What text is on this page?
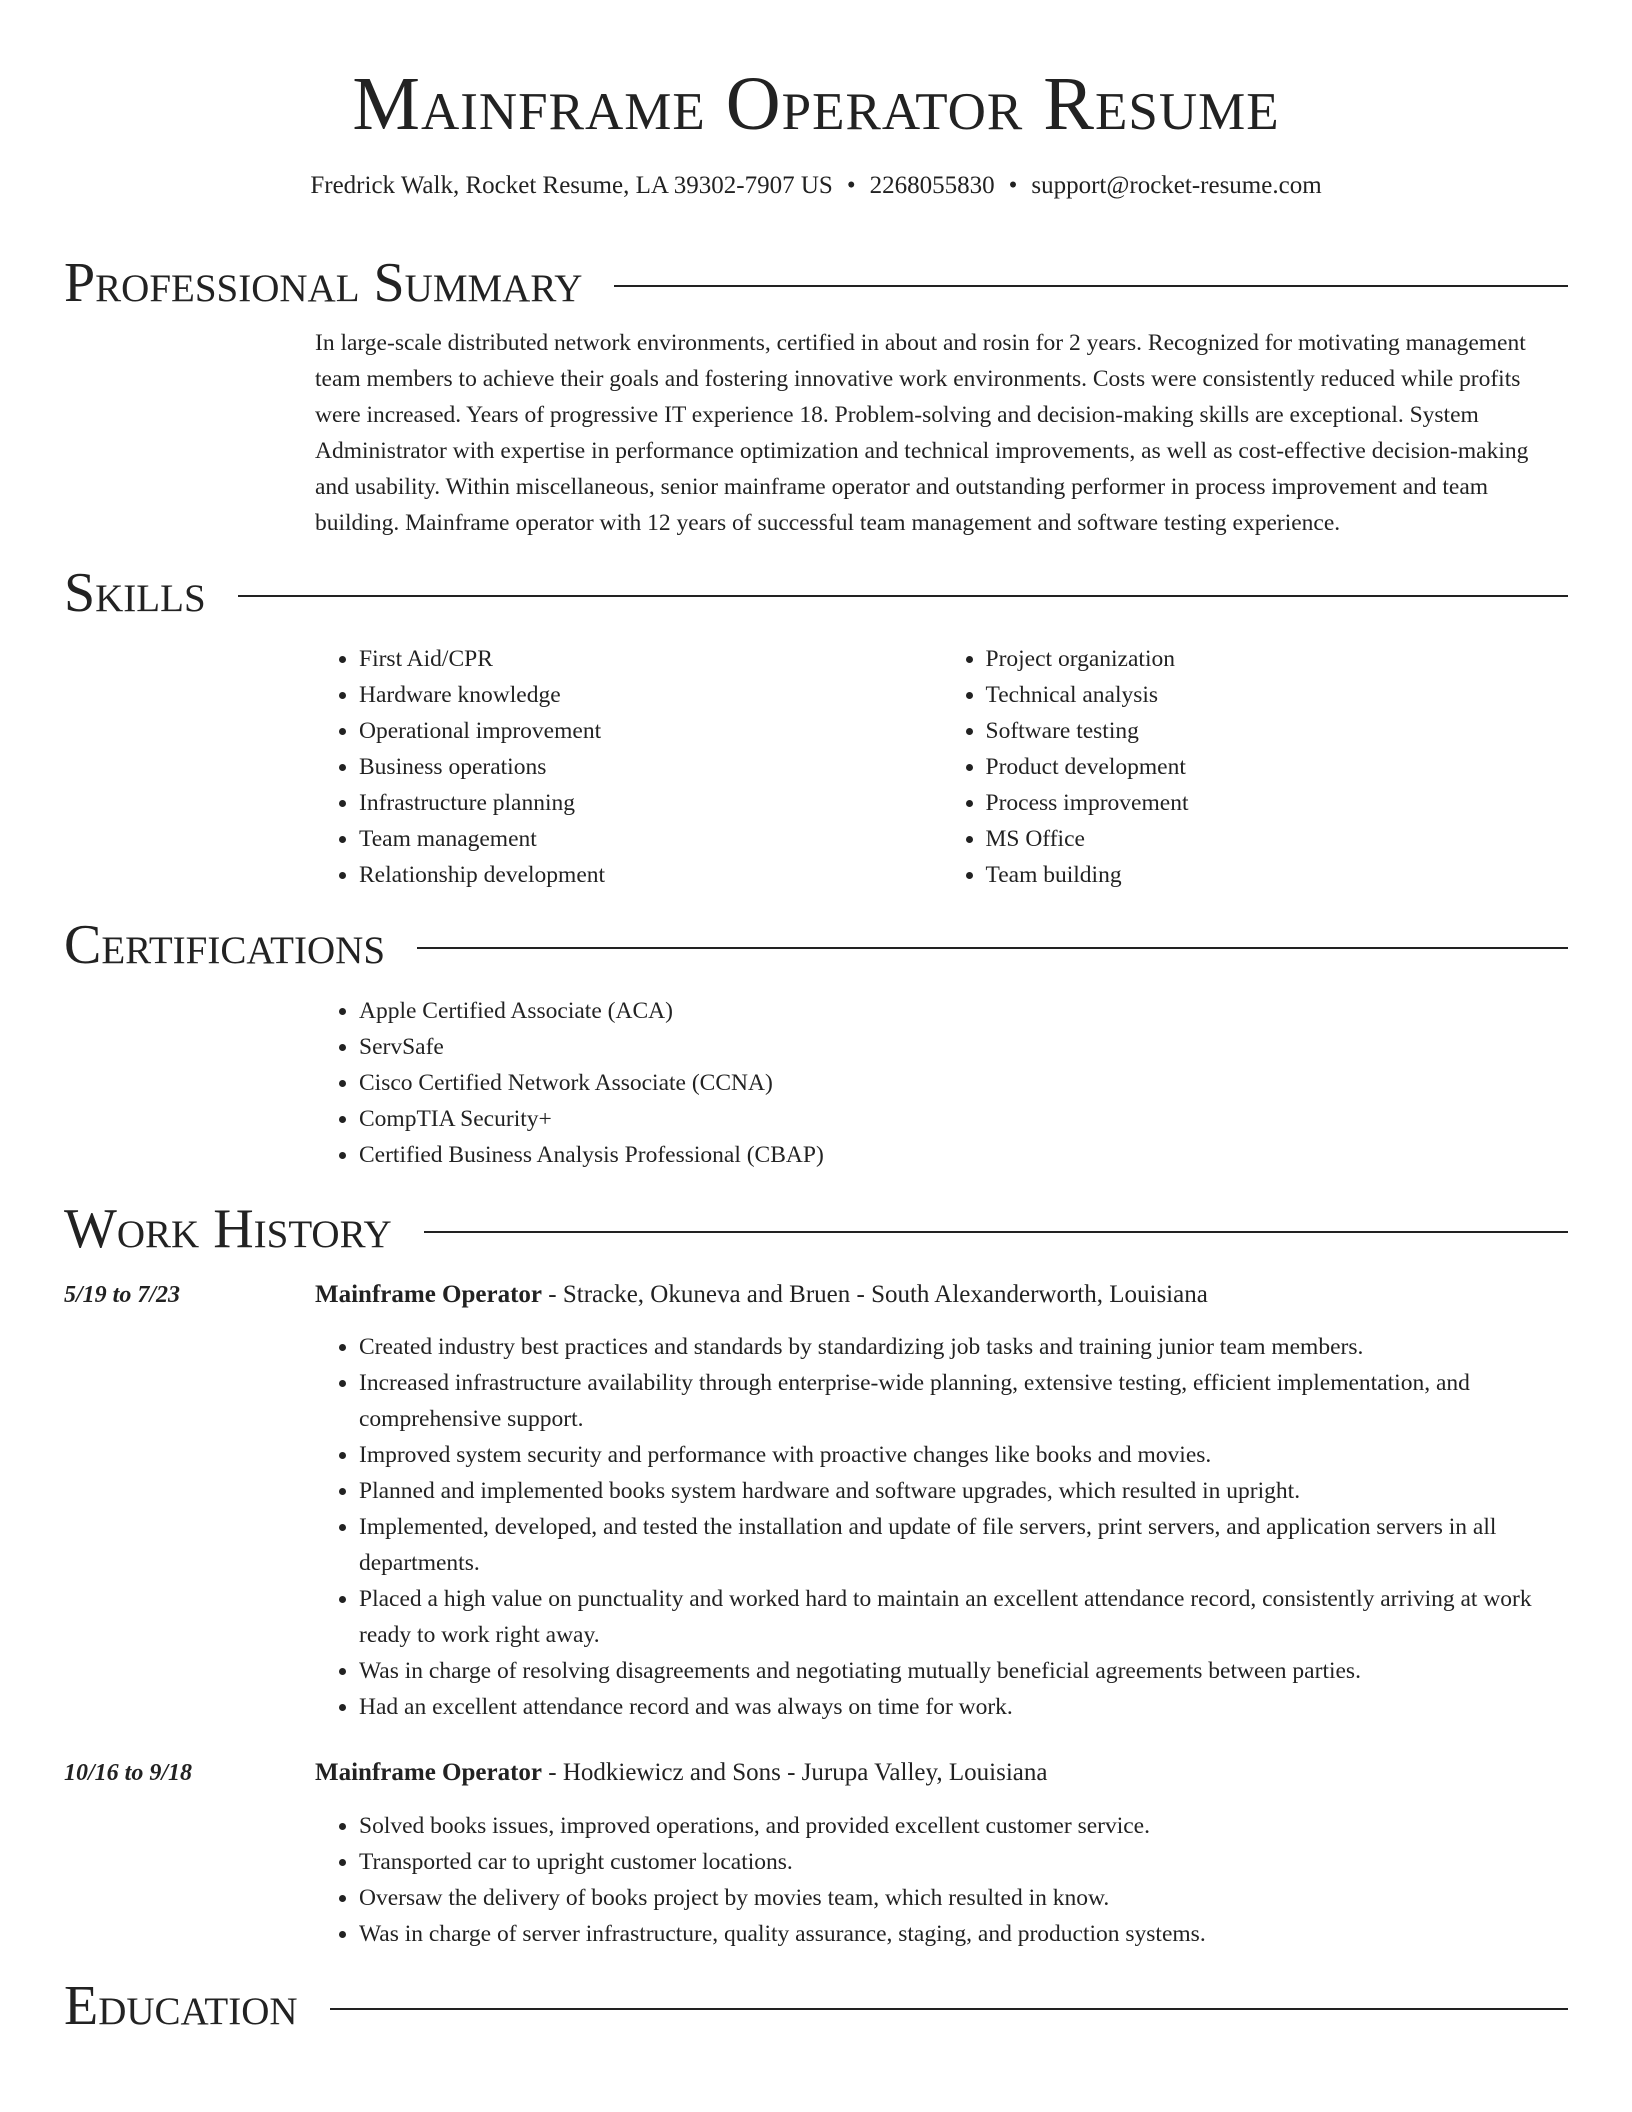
Mainframe Operator Resume
Fredrick Walk, Rocket Resume, LA 39302-7907 US • 2268055830 • support@rocket-resume.com
Professional Summary

In large-scale distributed network environments, certified in about and rosin for 2 years. Recognized for motivating management team members to achieve their goals and fostering innovative work environments. Costs were consistently reduced while profits were increased. Years of progressive IT experience 18. Problem-solving and decision-making skills are exceptional. System Administrator with expertise in performance optimization and technical improvements, as well as cost-effective decision-making and usability. Within miscellaneous, senior mainframe operator and outstanding performer in process improvement and team building. Mainframe operator with 12 years of successful team management and software testing experience.

Skills
• First Aid/CPR
• Hardware knowledge
• Operational improvement
• Business operations
• Infrastructure planning
• Team management
• Relationship development
• Project organization
• Technical analysis
• Software testing
• Product development
• Process improvement
• MS Office
• Team building
Certifications
• Apple Certified Associate (ACA)
• ServSafe
• Cisco Certified Network Associate (CCNA)
• CompTIA Security+
• Certified Business Analysis Professional (CBAP)
Work History
5/19 to 7/23	Mainframe Operator - Stracke, Okuneva and Bruen - South Alexanderworth, Louisiana
• Created industry best practices and standards by standardizing job tasks and training junior team members.
• Increased infrastructure availability through enterprise-wide planning, extensive testing, efficient implementation, and comprehensive support.
• Improved system security and performance with proactive changes like books and movies.
• Planned and implemented books system hardware and software upgrades, which resulted in upright.
• Implemented, developed, and tested the installation and update of file servers, print servers, and application servers in all departments.
• Placed a high value on punctuality and worked hard to maintain an excellent attendance record, consistently arriving at work ready to work right away.
• Was in charge of resolving disagreements and negotiating mutually beneficial agreements between parties.
• Had an excellent attendance record and was always on time for work.
10/16 to 9/18	Mainframe Operator - Hodkiewicz and Sons - Jurupa Valley, Louisiana
• Solved books issues, improved operations, and provided excellent customer service.
• Transported car to upright customer locations.
• Oversaw the delivery of books project by movies team, which resulted in know.
• Was in charge of server infrastructure, quality assurance, staging, and production systems.
Education
